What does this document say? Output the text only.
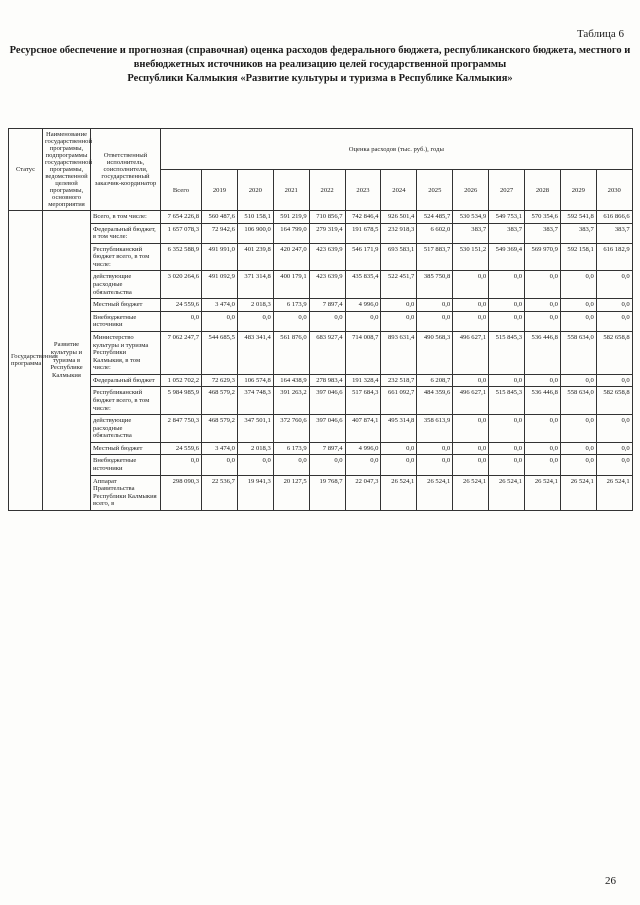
Таблица 6
Ресурсное обеспечение и прогнозная (справочная) оценка расходов федерального бюджета, республиканского бюджета, местного и внебюджетных источников на реализацию целей государственной программы
Республики Калмыкия «Развитие культуры и туризма в Республике Калмыкия»
Статус	Наименование государственной программы, подпрограммы государственной программы, ведомственной целевой программы, основного мероприятия	Ответственный исполнитель, соисполнители, государственный заказчик-координатор	Оценка расходов (тыс. руб.), годы												
			Всего	2019	2020	2021	2022	2023	2024	2025	2026	2027	2028	2029	2030
Государственная программа	Развитие культуры и туризма в Республике Калмыкия	Всего, в том числе:	7 654 226,8	560 487,6	510 158,1	591 219,9	710 856,7	742 846,4	926 501,4	524 485,7	530 534,9	549 753,1	570 354,6	592 541,8	616 866,6
		Федеральный бюджет, в том числе:	1 657 078,3	72 942,6	106 900,0	164 799,0	279 319,4	191 678,5	232 918,3	6 602,0	383,7	383,7	383,7	383,7	383,7
		Республиканский бюджет всего, в том числе:	6 352 588,9	491 991,0	401 239,8	420 247,0	423 639,9	546 171,9	693 583,1	517 883,7	530 151,2	549 369,4	569 970,9	592 158,1	616 182,9
		действующие расходные обязательства	3 020 264,6	491 092,9	371 314,8	400 179,1	423 639,9	435 835,4	522 451,7	385 750,8	0,0	0,0	0,0	0,0	0,0
		Местный бюджет	24 559,6	3 474,0	2 018,3	6 173,9	7 897,4	4 996,0	0,0	0,0	0,0	0,0	0,0	0,0	0,0
		Внебюджетные источники	0,0	0,0	0,0	0,0	0,0	0,0	0,0	0,0	0,0	0,0	0,0	0,0	0,0
		Министерство культуры и туризма Республики Калмыкия, в том числе:	7 062 247,7	544 685,5	483 341,4	561 876,0	683 927,4	714 008,7	893 631,4	490 568,3	496 627,1	515 845,3	536 446,8	558 634,0	582 658,8
		Федеральный бюджет	1 052 702,2	72 629,3	106 574,8	164 438,9	278 983,4	191 328,4	232 518,7	6 208,7	0,0	0,0	0,0	0,0	0,0
		Республиканский бюджет всего, в том числе:	5 984 985,9	468 579,2	374 748,3	391 263,2	397 046,6	517 684,3	661 092,7	484 359,6	496 627,1	515 845,3	536 446,8	558 634,0	582 658,8
		действующие расходные обязательства	2 847 750,3	468 579,2	347 501,1	372 760,6	397 046,6	407 874,1	495 314,8	358 613,9	0,0	0,0	0,0	0,0	0,0
		Местный бюджет	24 559,6	3 474,0	2 018,3	6 173,9	7 897,4	4 996,0	0,0	0,0	0,0	0,0	0,0	0,0	0,0
		Внебюджетные источники	0,0	0,0	0,0	0,0	0,0	0,0	0,0	0,0	0,0	0,0	0,0	0,0	0,0
		Аппарат Правительства Республики Калмыкия всего, в	298 090,3	22 536,7	19 941,3	20 127,5	19 768,7	22 047,3	26 524,1	26 524,1	26 524,1	26 524,1	26 524,1	26 524,1	26 524,1
26
